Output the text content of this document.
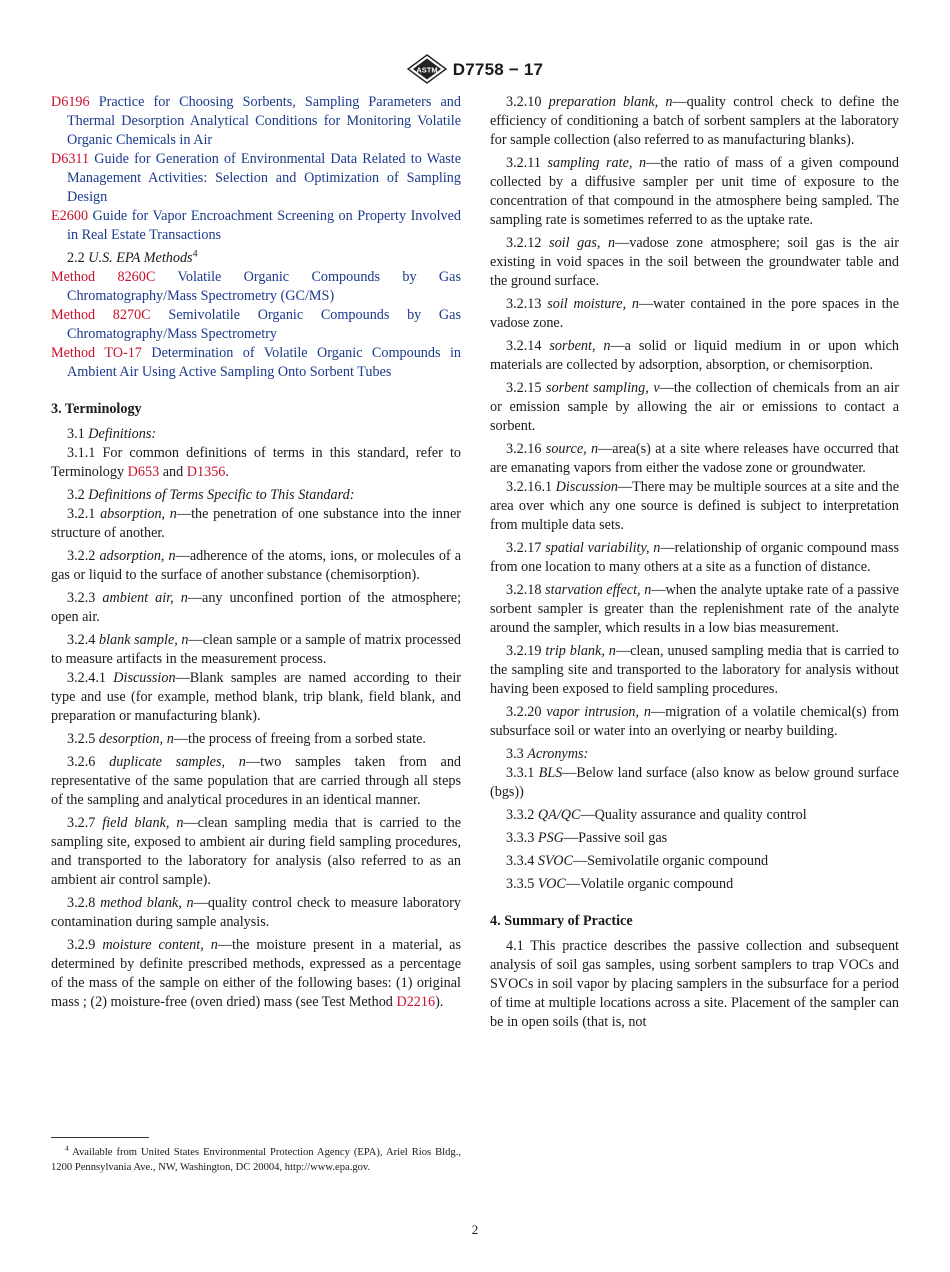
ASTM D7758 − 17

D6196 Practice for Choosing Sorbents, Sampling Parameters and Thermal Desorption Analytical Conditions for Monitoring Volatile Organic Chemicals in Air

D6311 Guide for Generation of Environmental Data Related to Waste Management Activities: Selection and Optimization of Sampling Design

E2600 Guide for Vapor Encroachment Screening on Property Involved in Real Estate Transactions

2.2 U.S. EPA Methods$^4$

Method 8260C Volatile Organic Compounds by Gas Chromatography/Mass Spectrometry (GC/MS)

Method 8270C Semivolatile Organic Compounds by Gas Chromatography/Mass Spectrometry

Method TO-17 Determination of Volatile Organic Compounds in Ambient Air Using Active Sampling Onto Sorbent Tubes

3. Terminology

3.1 Definitions:

3.1.1 For common definitions of terms in this standard, refer to Terminology D653 and D1356.

3.2 Definitions of Terms Specific to This Standard:

3.2.1 absorption, n—the penetration of one substance into the inner structure of another.

3.2.2 adsorption, n—adherence of the atoms, ions, or molecules of a gas or liquid to the surface of another substance (chemisorption).

3.2.3 ambient air, n—any unconfined portion of the atmosphere; open air.

3.2.4 blank sample, n—clean sample or a sample of matrix processed to measure artifacts in the measurement process.

3.2.4.1 Discussion—Blank samples are named according to their type and use (for example, method blank, trip blank, field blank, and preparation or manufacturing blank).

3.2.5 desorption, n—the process of freeing from a sorbed state.

3.2.6 duplicate samples, n—two samples taken from and representative of the same population that are carried through all steps of the sampling and analytical procedures in an identical manner.

3.2.7 field blank, n—clean sampling media that is carried to the sampling site, exposed to ambient air during field sampling procedures, and transported to the laboratory for analysis (also referred to as an ambient air control sample).

3.2.8 method blank, n—quality control check to measure laboratory contamination during sample analysis.

3.2.9 moisture content, n—the moisture present in a material, as determined by definite prescribed methods, expressed as a percentage of the mass of the sample on either of the following bases: (1) original mass ; (2) moisture-free (oven dried) mass (see Test Method D2216).

3.2.10 preparation blank, n—quality control check to define the efficiency of conditioning a batch of sorbent samplers at the laboratory for sample collection (also referred to as manufacturing blanks).

3.2.11 sampling rate, n—the ratio of mass of a given compound collected by a diffusive sampler per unit time of exposure to the concentration of that compound in the atmosphere being sampled. The sampling rate is sometimes referred to as the uptake rate.

3.2.12 soil gas, n—vadose zone atmosphere; soil gas is the air existing in void spaces in the soil between the groundwater table and the ground surface.

3.2.13 soil moisture, n—water contained in the pore spaces in the vadose zone.

3.2.14 sorbent, n—a solid or liquid medium in or upon which materials are collected by adsorption, absorption, or chemisorption.

3.2.15 sorbent sampling, v—the collection of chemicals from an air or emission sample by allowing the air or emissions to contact a sorbent.

3.2.16 source, n—area(s) at a site where releases have occurred that are emanating vapors from either the vadose zone or groundwater.

3.2.16.1 Discussion—There may be multiple sources at a site and the area over which any one source is defined is subject to interpretation from multiple data sets.

3.2.17 spatial variability, n—relationship of organic compound mass from one location to many others at a site as a function of distance.

3.2.18 starvation effect, n—when the analyte uptake rate of a passive sorbent sampler is greater than the replenishment rate of the analyte around the sampler, which results in a low bias measurement.

3.2.19 trip blank, n—clean, unused sampling media that is carried to the sampling site and transported to the laboratory for analysis without having been exposed to field sampling procedures.

3.2.20 vapor intrusion, n—migration of a volatile chemical(s) from subsurface soil or water into an overlying or nearby building.

3.3 Acronyms:

3.3.1 BLS—Below land surface (also know as below ground surface (bgs))

3.3.2 QA/QC—Quality assurance and quality control

3.3.3 PSG—Passive soil gas

3.3.4 SVOC—Semivolatile organic compound

3.3.5 VOC—Volatile organic compound

4. Summary of Practice

4.1 This practice describes the passive collection and subsequent analysis of soil gas samples, using sorbent samplers to trap VOCs and SVOCs in soil vapor by placing samplers in the subsurface for a period of time at multiple locations across a site. Placement of the sampler can be in open soils (that is, not

$^4$ Available from United States Environmental Protection Agency (EPA), Ariel Rios Bldg., 1200 Pennsylvania Ave., NW, Washington, DC 20004, http://www.epa.gov.
2
